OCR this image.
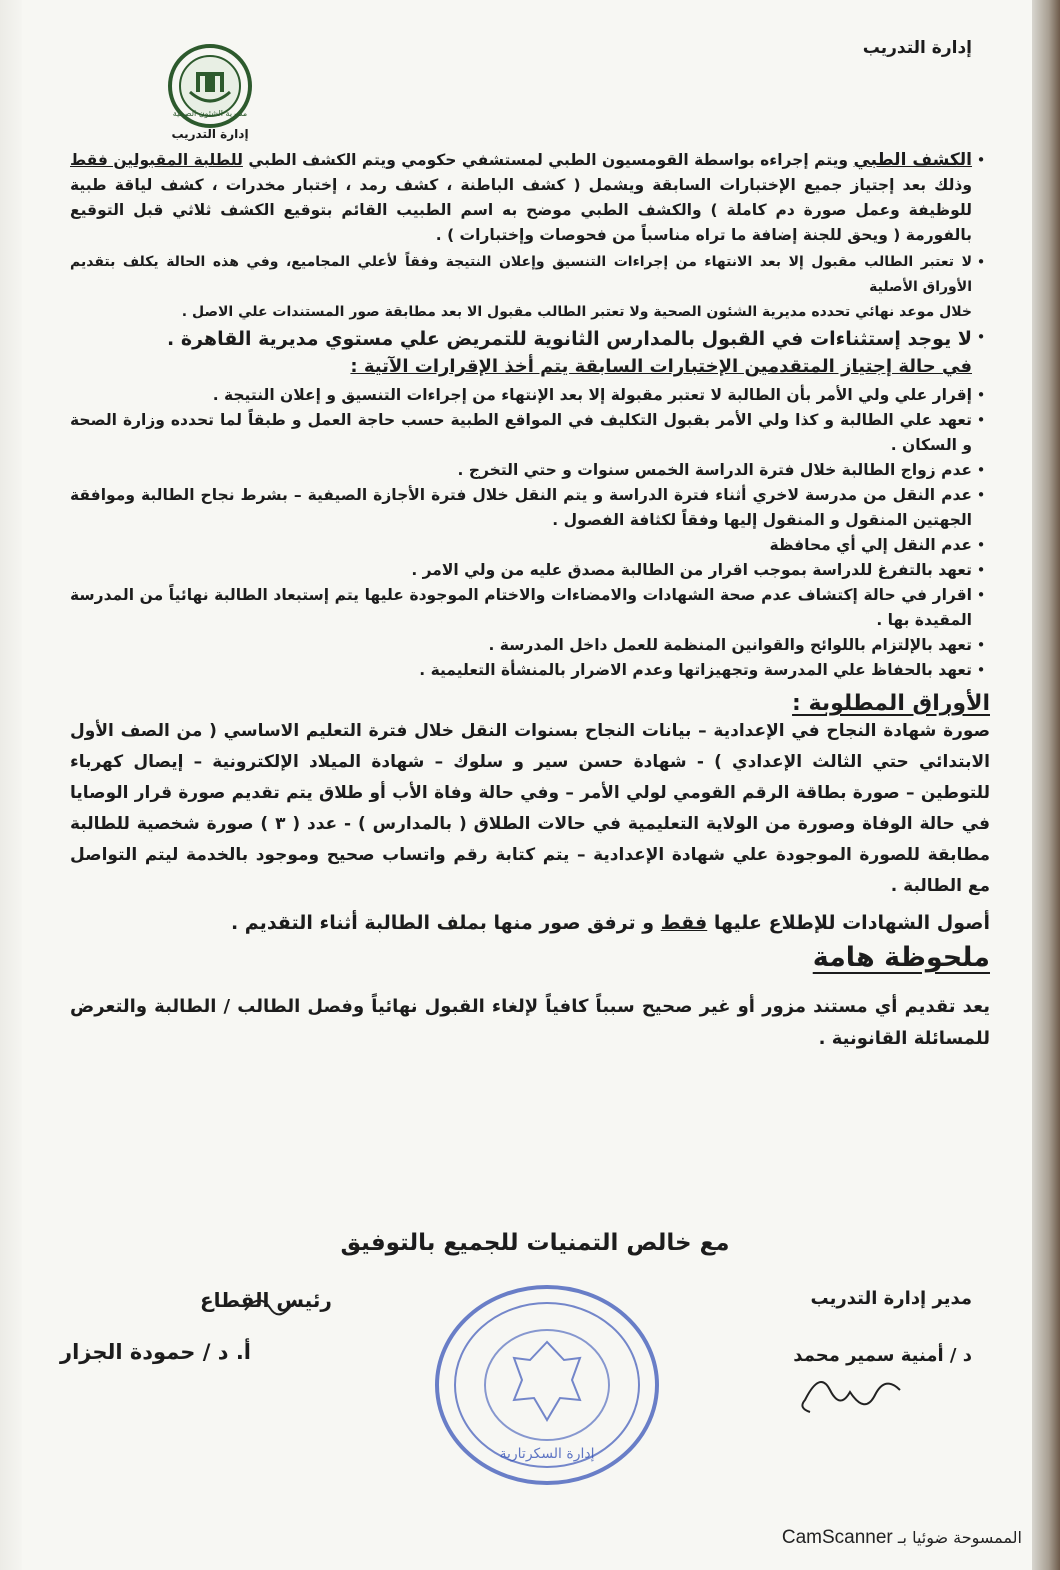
إدارة التدريب
مديرية الشئون الصحية
إدارة التدريب
•

الكشف الطبي ويتم إجراءه بواسطة القومسيون الطبي لمستشفي حكومي ويتم الكشف الطبي للطلبة المقبولين فقط وذلك بعد إجتياز جميع الإختبارات السابقة ويشمل ( كشف الباطنة ، كشف رمد ، إختبار مخدرات ، كشف لياقة طبية للوظيفة وعمل صورة دم كاملة ) والكشف الطبي موضح به اسم الطبيب القائم بتوقيع الكشف ثلاثي قبل التوقيع بالفورمة ( ويحق للجنة إضافة ما تراه مناسباً من فحوصات وإختبارات ) .

•

لا تعتبر الطالب مقبول إلا بعد الانتهاء من إجراءات التنسيق وإعلان النتيجة وفقاً لأعلي المجاميع، وفي هذه الحالة يكلف بتقديم الأوراق الأصلية

خلال موعد نهائي تحدده مديرية الشئون الصحية ولا تعتبر الطالب مقبول الا بعد مطابقة صور المستندات علي الاصل .

•

لا يوجد إستثناءات في القبول بالمدارس الثانوية للتمريض علي مستوي مديرية القاهرة .

في حالة إجتياز المتقدمين الإختبارات السابقة يتم أخذ الإقرارات الآتية :

•

إقرار علي ولي الأمر بأن الطالبة لا تعتبر مقبولة إلا بعد الإنتهاء من إجراءات التنسيق و إعلان النتيجة .

•

تعهد علي الطالبة و كذا ولي الأمر بقبول التكليف في المواقع الطبية حسب حاجة العمل و طبقاً لما تحدده وزارة الصحة و السكان .

•

عدم زواج الطالبة خلال فترة الدراسة الخمس سنوات و حتي التخرج .

•

عدم النقل من مدرسة لاخري أثناء فترة الدراسة و يتم النقل خلال فترة الأجازة الصيفية – بشرط نجاح الطالبة وموافقة الجهتين المنقول و المنقول إليها وفقاً لكثافة الفصول .

•

عدم النقل إلي أي محافظة

•

تعهد بالتفرغ للدراسة بموجب اقرار من الطالبة مصدق عليه من ولي الامر .

•

اقرار في حالة إكتشاف عدم صحة الشهادات والامضاءات والاختام الموجودة عليها يتم إستبعاد الطالبة نهائياً من المدرسة المقيدة بها .

•

تعهد بالإلتزام باللوائح والقوانين المنظمة للعمل داخل المدرسة .

•

تعهد بالحفاظ علي المدرسة وتجهيزاتها وعدم الاضرار بالمنشأة التعليمية .

الأوراق المطلوبة :

صورة شهادة النجاح في الإعدادية – بيانات النجاح بسنوات النقل خلال فترة التعليم الاساسي ( من الصف الأول الابتدائي حتي الثالث الإعدادي ) - شهادة حسن سير و سلوك – شهادة الميلاد الإلكترونية – إيصال كهرباء للتوطين – صورة بطاقة الرقم القومي لولي الأمر – وفي حالة وفاة الأب أو طلاق يتم تقديم صورة قرار الوصايا في حالة الوفاة وصورة من الولاية التعليمية في حالات الطلاق ( بالمدارس ) - عدد ( ٣ ) صورة شخصية للطالبة مطابقة للصورة الموجودة علي شهادة الإعدادية – يتم كتابة رقم واتساب صحيح وموجود بالخدمة ليتم التواصل مع الطالبة .

أصول الشهادات للإطلاع عليها فقط و ترفق صور منها بملف الطالبة أثناء التقديم .

ملحوظة هامة

يعد تقديم أي مستند مزور أو غير صحيح سبباً كافياً لإلغاء القبول نهائياً وفصل الطالب / الطالبة والتعرض للمسائلة القانونية .

مع خالص التمنيات للجميع بالتوفيق
مدير إدارة التدريب
د / أمنية سمير محمد
رئيس القطاع
أ. د / حمودة الجزار
إدارة السكرتارية
الممسوحة ضوئيا بـ CamScanner
